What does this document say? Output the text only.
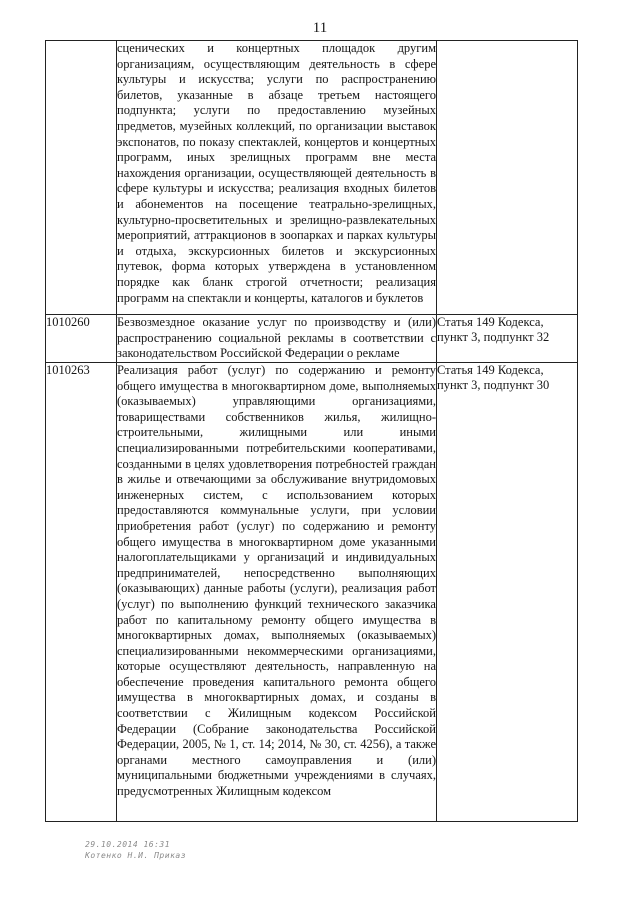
11
	сценических и концертных площадок другим организациям, осуществляющим деятельность в сфере культуры и искусства; услуги по распространению билетов, указанные в абзаце третьем настоящего подпункта; услуги по предоставлению музейных предметов, музейных коллекций, по организации выставок экспонатов, по показу спектаклей, концертов и концертных программ, иных зрелищных программ вне места нахождения организации, осуществляющей деятельность в сфере культуры и искусства; реализация входных билетов и абонементов на посещение театрально-зрелищных, культурно-просветительных и зрелищно-развлекательных мероприятий, аттракционов в зоопарках и парках культуры и отдыха, экскурсионных билетов и экскурсионных путевок, форма которых утверждена в установленном порядке как бланк строгой отчетности; реализация программ на спектакли и концерты, каталогов и буклетов	
1010260	Безвозмездное оказание услуг по производству и (или) распространению социальной рекламы в соответствии с законодательством Российской Федерации о рекламе	Статья 149 Кодекса, пункт 3, подпункт 32
1010263	Реализация работ (услуг) по содержанию и ремонту общего имущества в многоквартирном доме, выполняемых (оказываемых) управляющими организациями, товариществами собственников жилья, жилищно-строительными, жилищными или иными специализированными потребительскими кооперативами, созданными в целях удовлетворения потребностей граждан в жилье и отвечающими за обслуживание внутридомовых инженерных систем, с использованием которых предоставляются коммунальные услуги, при условии приобретения работ (услуг) по содержанию и ремонту общего имущества в многоквартирном доме указанными налогоплательщиками у организаций и индивидуальных предпринимателей, непосредственно выполняющих (оказывающих) данные работы (услуги), реализация работ (услуг) по выполнению функций технического заказчика работ по капитальному ремонту общего имущества в многоквартирных домах, выполняемых (оказываемых) специализированными некоммерческими организациями, которые осуществляют деятельность, направленную на обеспечение проведения капитального ремонта общего имущества в многоквартирных домах, и созданы в соответствии с Жилищным кодексом Российской Федерации (Собрание законодательства Российской Федерации, 2005, № 1, ст. 14; 2014, № 30, ст. 4256), а также органами местного самоуправления и (или) муниципальными бюджетными учреждениями в случаях, предусмотренных Жилищным кодексом	Статья 149 Кодекса, пункт 3, подпункт 30
29.10.2014 16:31
Котенко Н.И. Приказ
